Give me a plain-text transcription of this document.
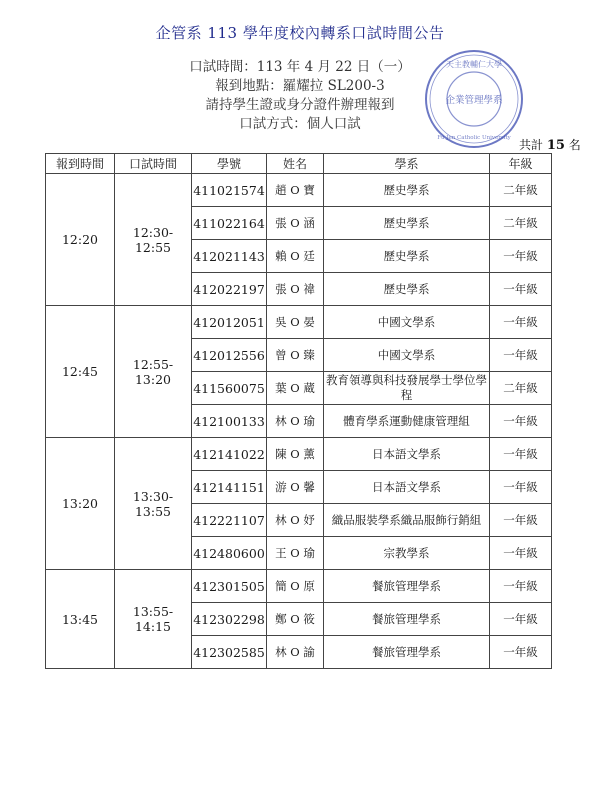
企管系 113 學年度校內轉系口試時間公告
口試時間：113 年 4 月 22 日（一）
報到地點：羅耀拉 SL200-3
請持學生證或身分證件辦理報到
口試方式：個人口試
企業管理學系
天主教輔仁大學
Fu Jen Catholic University 共計 15 名
報到時間	口試時間	學號	姓名	學系	年級
12:20	12:30-12:55	411021574	趙 O 寶	歷史學系	二年級
		411022164	張 O 涵	歷史學系	二年級
		412021143	賴 O 廷	歷史學系	一年級
		412022197	張 O 禕	歷史學系	一年級
12:45	12:55-13:20	412012051	吳 O 晏	中國文學系	一年級
		412012556	曾 O 臻	中國文學系	一年級
		411560075	葉 O 蔵	教育領導與科技發展學士學位學程	二年級
		412100133	林 O 瑜	體育學系運動健康管理組	一年級
13:20	13:30-13:55	412141022	陳 O 薰	日本語文學系	一年級
		412141151	游 O 馨	日本語文學系	一年級
		412221107	林 O 妤	織品服裝學系織品服飾行銷組	一年級
		412480600	王 O 瑜	宗教學系	一年級
13:45	13:55-14:15	412301505	簡 O 原	餐旅管理學系	一年級
		412302298	鄭 O 筱	餐旅管理學系	一年級
		412302585	林 O 諭	餐旅管理學系	一年級
